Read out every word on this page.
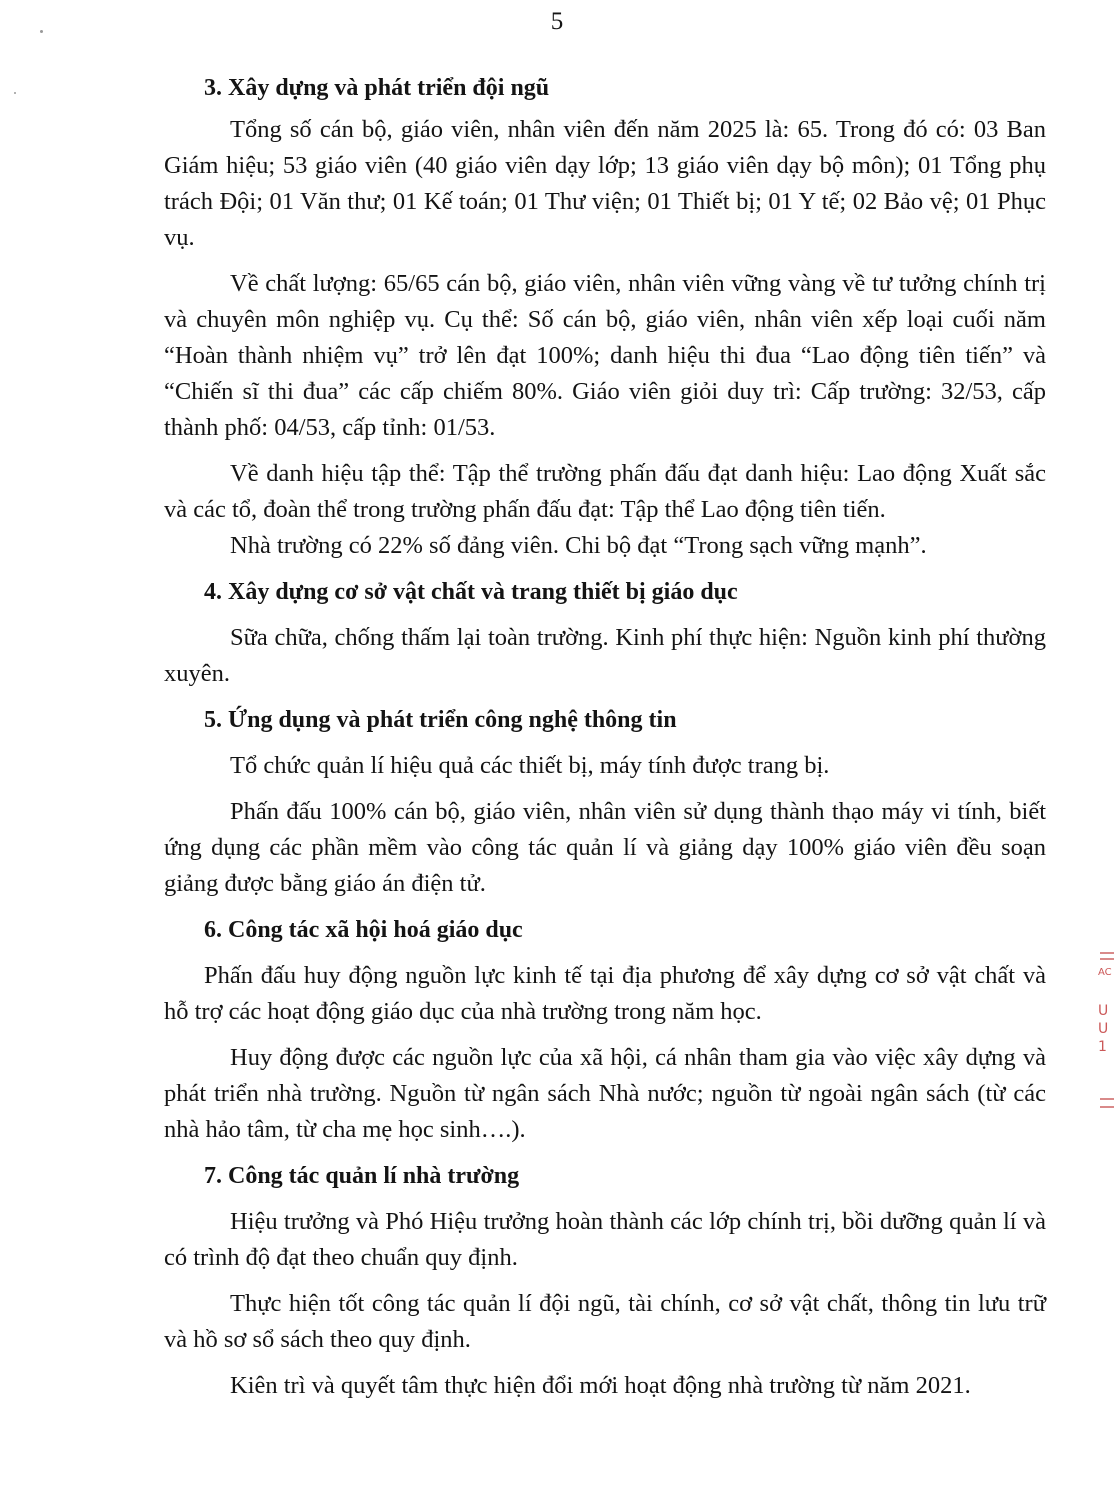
5
3. Xây dựng và phát triển đội ngũ

Tổng số cán bộ, giáo viên, nhân viên đến năm 2025 là: 65. Trong đó có: 03 Ban Giám hiệu; 53 giáo viên (40 giáo viên dạy lớp; 13 giáo viên dạy bộ môn); 01 Tổng phụ trách Đội; 01 Văn thư; 01 Kế toán; 01 Thư viện; 01 Thiết bị; 01 Y tế; 02 Bảo vệ; 01 Phục vụ.

Về chất lượng: 65/65 cán bộ, giáo viên, nhân viên vững vàng về tư tưởng chính trị và chuyên môn nghiệp vụ. Cụ thể: Số cán bộ, giáo viên, nhân viên xếp loại cuối năm “Hoàn thành nhiệm vụ” trở lên đạt 100%; danh hiệu thi đua “Lao động tiên tiến” và “Chiến sĩ thi đua” các cấp chiếm 80%. Giáo viên giỏi duy trì: Cấp trường: 32/53, cấp thành phố: 04/53, cấp tỉnh: 01/53.

Về danh hiệu tập thể: Tập thể trường phấn đấu đạt danh hiệu: Lao động Xuất sắc và các tổ, đoàn thể trong trường phấn đấu đạt: Tập thể Lao động tiên tiến.

Nhà trường có 22% số đảng viên. Chi bộ đạt “Trong sạch vững mạnh”.

4. Xây dựng cơ sở vật chất và trang thiết bị giáo dục

Sữa chữa, chống thấm lại toàn trường. Kinh phí thực hiện: Nguồn kinh phí thường xuyên.

5. Ứng dụng và phát triển công nghệ thông tin

Tổ chức quản lí hiệu quả các thiết bị, máy tính được trang bị.

Phấn đấu 100% cán bộ, giáo viên, nhân viên sử dụng thành thạo máy vi tính, biết ứng dụng các phần mềm vào công tác quản lí và giảng dạy 100% giáo viên đều soạn giảng được bằng giáo án điện tử.

6. Công tác xã hội hoá giáo dục

Phấn đấu huy động nguồn lực kinh tế tại địa phương để xây dựng cơ sở vật chất và hỗ trợ các hoạt động giáo dục của nhà trường trong năm học.

Huy động được các nguồn lực của xã hội, cá nhân tham gia vào việc xây dựng và phát triển nhà trường. Nguồn từ ngân sách Nhà nước; nguồn từ ngoài ngân sách (từ các nhà hảo tâm, từ cha mẹ học sinh….).

7. Công tác quản lí nhà trường

Hiệu trưởng và Phó Hiệu trưởng hoàn thành các lớp chính trị, bồi dưỡng quản lí và có trình độ đạt theo chuẩn quy định.

Thực hiện tốt công tác quản lí đội ngũ, tài chính, cơ sở vật chất, thông tin lưu trữ và hồ sơ sổ sách theo quy định.

Kiên trì và quyết tâm thực hiện đổi mới hoạt động nhà trường từ năm 2021.

AC
U
U
1
